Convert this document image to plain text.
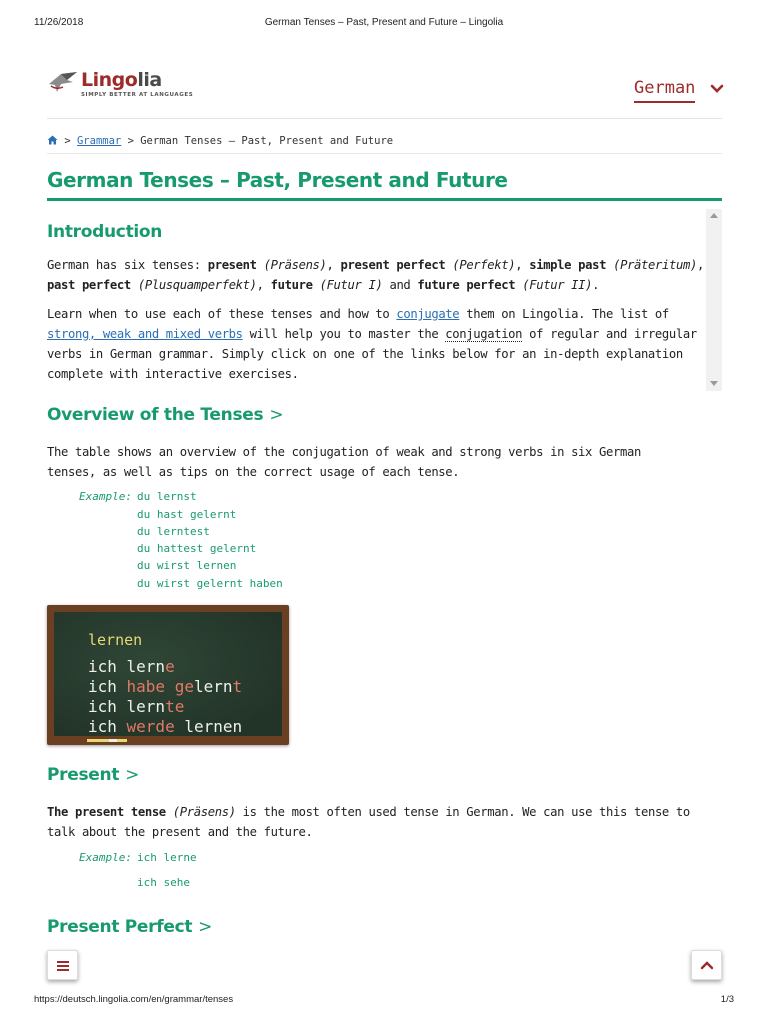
11/26/2018	German Tenses – Past, Present and Future – Lingolia
Lingolia
SIMPLY BETTER AT LANGUAGES	German
> Grammar > German Tenses – Past, Present and Future
German Tenses – Past, Present and Future
Introduction
German has six tenses: present (Präsens), present perfect (Perfekt), simple past (Präteritum), past perfect (Plusquamperfekt), future (Futur I) and future perfect (Futur II).
Learn when to use each of these tenses and how to conjugate them on Lingolia. The list of strong, weak and mixed verbs will help you to master the conjugation of regular and irregular verbs in German grammar. Simply click on one of the links below for an in-depth explanation complete with interactive exercises.
Overview of the Tenses >
The table shows an overview of the conjugation of weak and strong verbs in six German tenses, as well as tips on the correct usage of each tense.
Example: du lernst
du hast gelernt
du lerntest
du hattest gelernt
du wirst lernen
du wirst gelernt haben
lernen
ich lerne
ich habe gelernt
ich lernte
ich werde lernen
Present >
The present tense (Präsens) is the most often used tense in German. We can use this tense to talk about the present and the future.
Example: ich lerne
ich sehe
Present Perfect >
https://deutsch.lingolia.com/en/grammar/tenses	1/3
